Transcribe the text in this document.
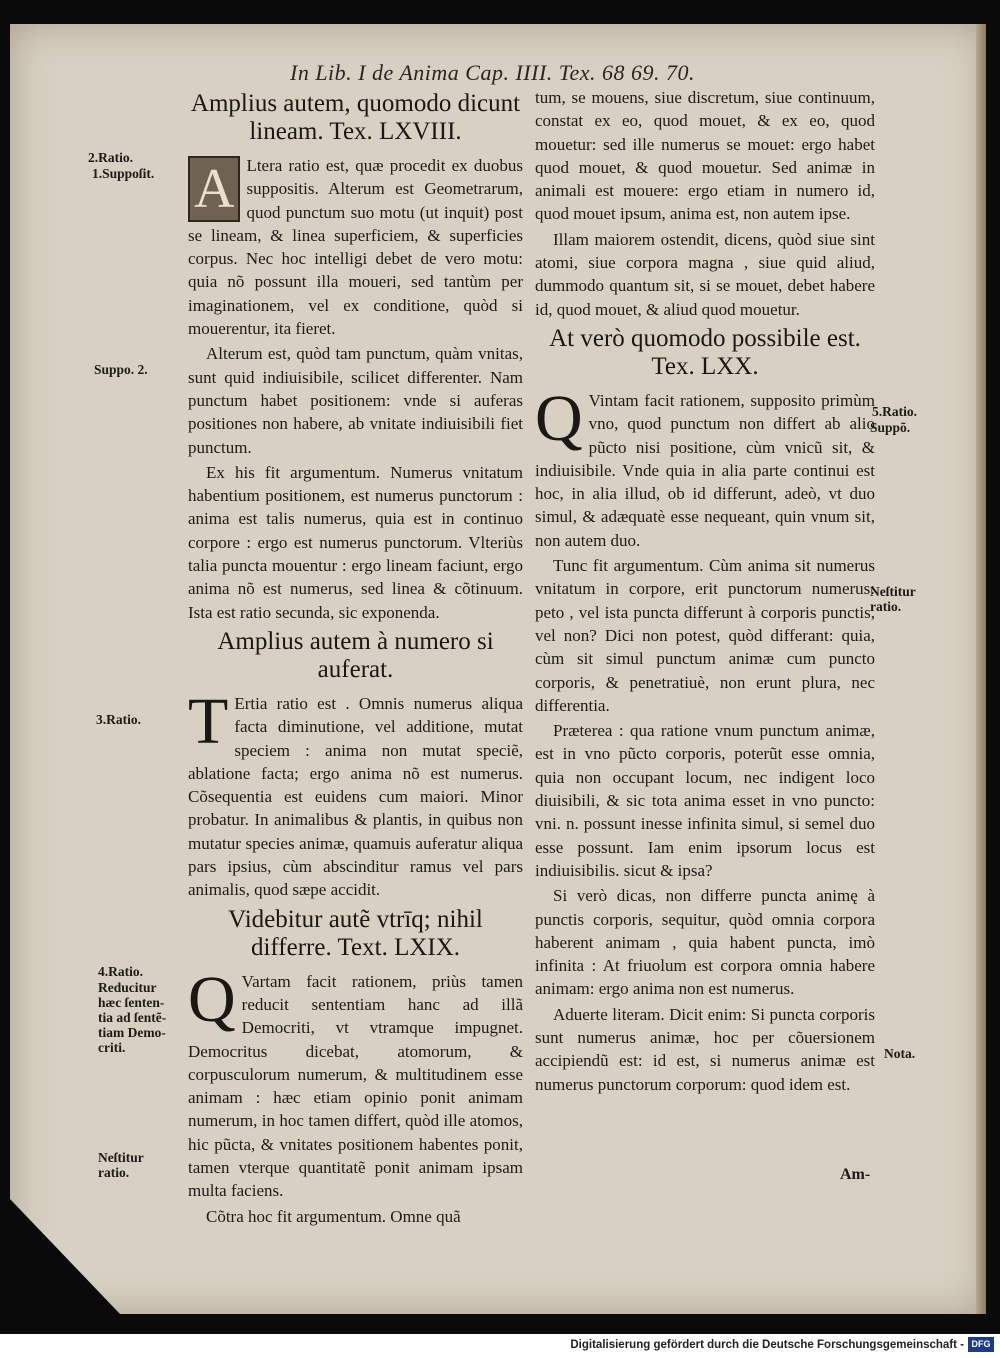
In Lib. I de Anima Cap. IIII. Tex. 68 69. 70.
Amplius autem, quomodo dicunt lineam. Tex. LXVIII.

A Ltera ratio est, quæ procedit ex duobus suppositis. Alterum est Geometrarum, quod punctum suo motu (ut inquit) post se lineam, & linea superficiem, & superficies corpus. Nec hoc intelligi debet de vero motu: quia nõ possunt illa moueri, sed tantùm per imaginationem, vel ex conditione, quòd si mouerentur, ita fieret.

Alterum est, quòd tam punctum, quàm vnitas, sunt quid indiuisibile, scilicet differenter. Nam punctum habet positionem: vnde si auferas positiones non habere, ab vnitate indiuisibili fiet punctum.

Ex his fit argumentum. Numerus vnitatum habentium positionem, est numerus punctorum : anima est talis numerus, quia est in continuo corpore : ergo est numerus punctorum. Vlteriùs talia puncta mouentur : ergo lineam faciunt, ergo anima nõ est numerus, sed linea & cõtinuum. Ista est ratio secunda, sic exponenda.

Amplius autem à numero si auferat.

T Ertia ratio est . Omnis numerus aliqua facta diminutione, vel additione, mutat speciem : anima non mutat speciẽ, ablatione facta; ergo anima nõ est numerus. Cõsequentia est euidens cum maiori. Minor probatur. In animalibus & plantis, in quibus non mutatur species animæ, quamuis auferatur aliqua pars ipsius, cùm abscinditur ramus vel pars animalis, quod sæpe accidit.

Videbitur autẽ vtrīq; nihil differre. Text. LXIX.

Q Vartam facit rationem, priùs tamen reducit sententiam hanc ad illã Democriti, vt vtramque impugnet. Democritus dicebat, atomorum, & corpusculorum numerum, & multitudinem esse animam : hæc etiam opinio ponit animam numerum, in hoc tamen differt, quòd ille atomos, hic pũcta, & vnitates positionem habentes ponit, tamen vterque quantitatẽ ponit animam ipsam multa faciens.

Cõtra hoc fit argumentum. Omne quã

tum, se mouens, siue discretum, siue continuum, constat ex eo, quod mouet, & ex eo, quod mouetur: sed ille numerus se mouet: ergo habet quod mouet, & quod mouetur. Sed animæ in animali est mouere: ergo etiam in numero id, quod mouet ipsum, anima est, non autem ipse.

Illam maiorem ostendit, dicens, quòd siue sint atomi, siue corpora magna , siue quid aliud, dummodo quantum sit, si se mouet, debet habere id, quod mouet, & aliud quod mouetur.

At verò quomodo possibile est. Tex. LXX.

Q Vintam facit rationem, supposito primùm vno, quod punctum non differt ab alio pũcto nisi positione, cùm vnicũ sit, & indiuisibile. Vnde quia in alia parte continui est hoc, in alia illud, ob id differunt, adeò, vt duo simul, & adæquatè esse nequeant, quin vnum sit, non autem duo.

Tunc fit argumentum. Cùm anima sit numerus vnitatum in corpore, erit punctorum numerus: peto , vel ista puncta differunt à corporis punctis, vel non? Dici non potest, quòd differant: quia, cùm sit simul punctum animæ cum puncto corporis, & penetratiuè, non erunt plura, nec differentia.

Præterea : qua ratione vnum punctum animæ, est in vno pũcto corporis, poterũt esse omnia, quia non occupant locum, nec indigent loco diuisibili, & sic tota anima esset in vno puncto: vni. n. possunt inesse infinita simul, si semel duo esse possunt. Iam enim ipsorum locus est indiuisibilis. sicut & ipsa?

Si verò dicas, non differre puncta animę à punctis corporis, sequitur, quòd omnia corpora haberent animam , quia habent puncta, imò infinita : At friuolum est corpora omnia habere animam: ergo anima non est numerus.

Aduerte literam. Dicit enim: Si puncta corporis sunt numerus animæ, hoc per cõuersionem accipiendũ est: id est, si numerus animæ est numerus punctorum corporum: quod idem est.

2.Ratio.
1.Suppoſit.
Suppo. 2.
3.Ratio.
4.Ratio.
Reducitur hæc ſenten-tia ad ſentẽ-tiam Demo-criti.
Neſtitur ratio.
5.Ratio.
Suppõ.
Neſtitur ratio.
Nota.
Am-
Digitalisierung gefördert durch die Deutsche Forschungsgemeinschaft - DFG
